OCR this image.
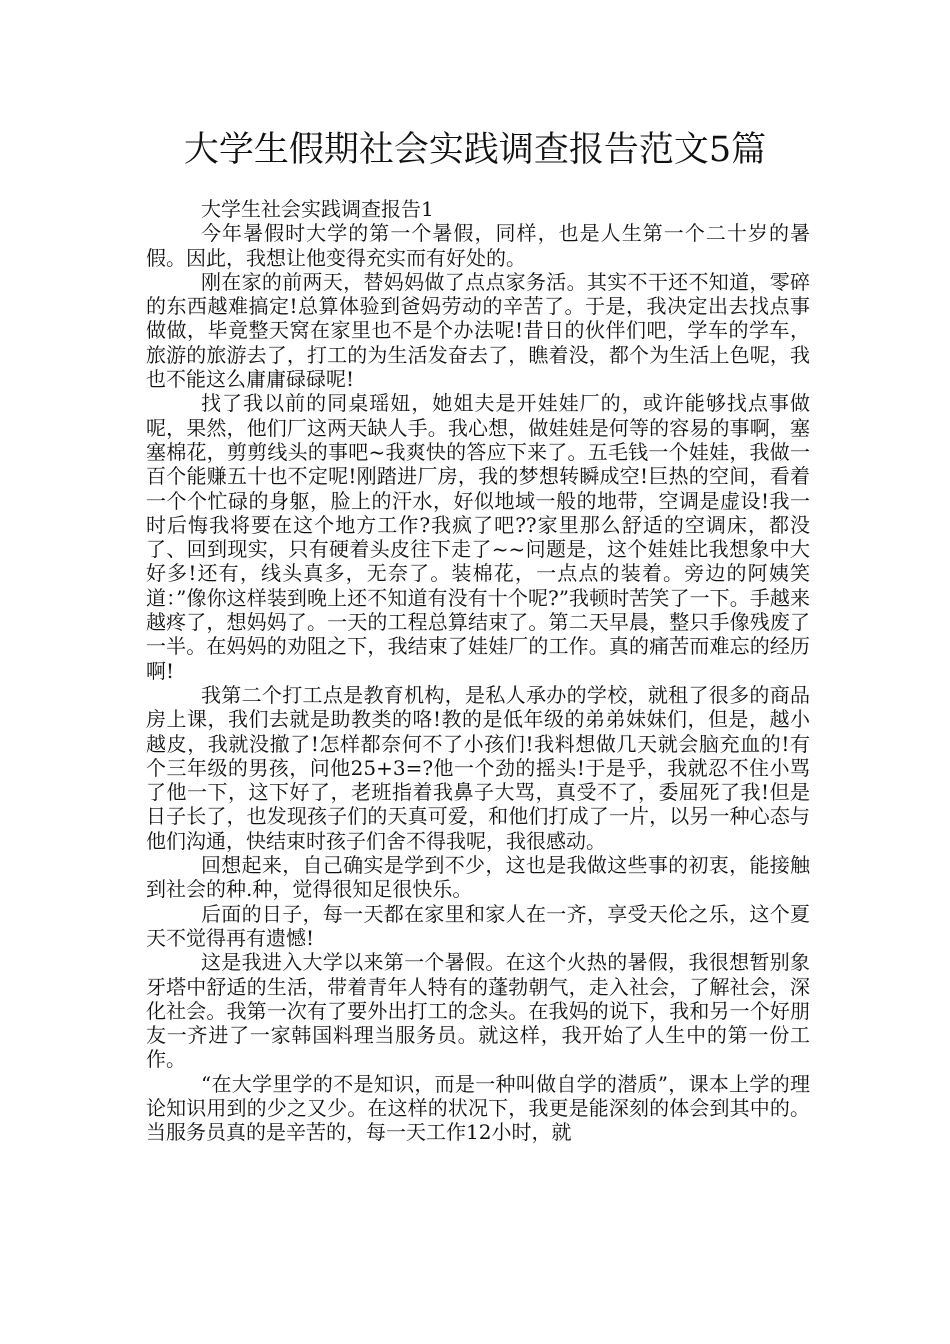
大学生假期社会实践调查报告范文5篇

大学生社会实践调查报告1

今年暑假时大学的第一个暑假，同样，也是人生第一个二十岁的暑假。因此，我想让他变得充实而有好处的。

刚在家的前两天，替妈妈做了点点家务活。其实不干还不知道，零碎的东西越难搞定!总算体验到爸妈劳动的辛苦了。于是，我决定出去找点事做做，毕竟整天窝在家里也不是个办法呢!昔日的伙伴们吧，学车的学车，旅游的旅游去了，打工的为生活发奋去了，瞧着没，都个为生活上色呢，我也不能这么庸庸碌碌呢!

找了我以前的同桌瑶妞，她姐夫是开娃娃厂的，或许能够找点事做呢，果然，他们厂这两天缺人手。我心想，做娃娃是何等的容易的事啊，塞塞棉花，剪剪线头的事吧~我爽快的答应下来了。五毛钱一个娃娃，我做一百个能赚五十也不定呢!刚踏进厂房，我的梦想转瞬成空!巨热的空间，看着一个个忙碌的身躯，脸上的汗水，好似地域一般的地带，空调是虚设!我一时后悔我将要在这个地方工作?我疯了吧??家里那么舒适的空调床，都没了、回到现实，只有硬着头皮往下走了~~问题是，这个娃娃比我想象中大好多!还有，线头真多，无奈了。装棉花，一点点的装着。旁边的阿姨笑道：”像你这样装到晚上还不知道有没有十个呢?”我顿时苦笑了一下。手越来越疼了，想妈妈了。一天的工程总算结束了。第二天早晨，整只手像残废了一半。在妈妈的劝阻之下，我结束了娃娃厂的工作。真的痛苦而难忘的经历啊!

我第二个打工点是教育机构，是私人承办的学校，就租了很多的商品房上课，我们去就是助教类的咯!教的是低年级的弟弟妹妹们，但是，越小越皮，我就没撤了!怎样都奈何不了小孩们!我料想做几天就会脑充血的!有个三年级的男孩，问他25+3=?他一个劲的摇头!于是乎，我就忍不住小骂了他一下，这下好了，老班指着我鼻子大骂，真受不了，委屈死了我!但是日子长了，也发现孩子们的天真可爱，和他们打成了一片，以另一种心态与他们沟通，快结束时孩子们舍不得我呢，我很感动。

回想起来，自己确实是学到不少，这也是我做这些事的初衷，能接触到社会的种.种，觉得很知足很快乐。

后面的日子，每一天都在家里和家人在一齐，享受天伦之乐，这个夏天不觉得再有遗憾!

这是我进入大学以来第一个暑假。在这个火热的暑假，我很想暂别象牙塔中舒适的生活，带着青年人特有的蓬勃朝气，走入社会，了解社会，深化社会。我第一次有了要外出打工的念头。在我妈的说下，我和另一个好朋友一齐进了一家韩国料理当服务员。就这样，我开始了人生中的第一份工作。

“在大学里学的不是知识，而是一种叫做自学的潜质”，课本上学的理论知识用到的少之又少。在这样的状况下，我更是能深刻的体会到其中的。当服务员真的是辛苦的，每一天工作12小时，就
